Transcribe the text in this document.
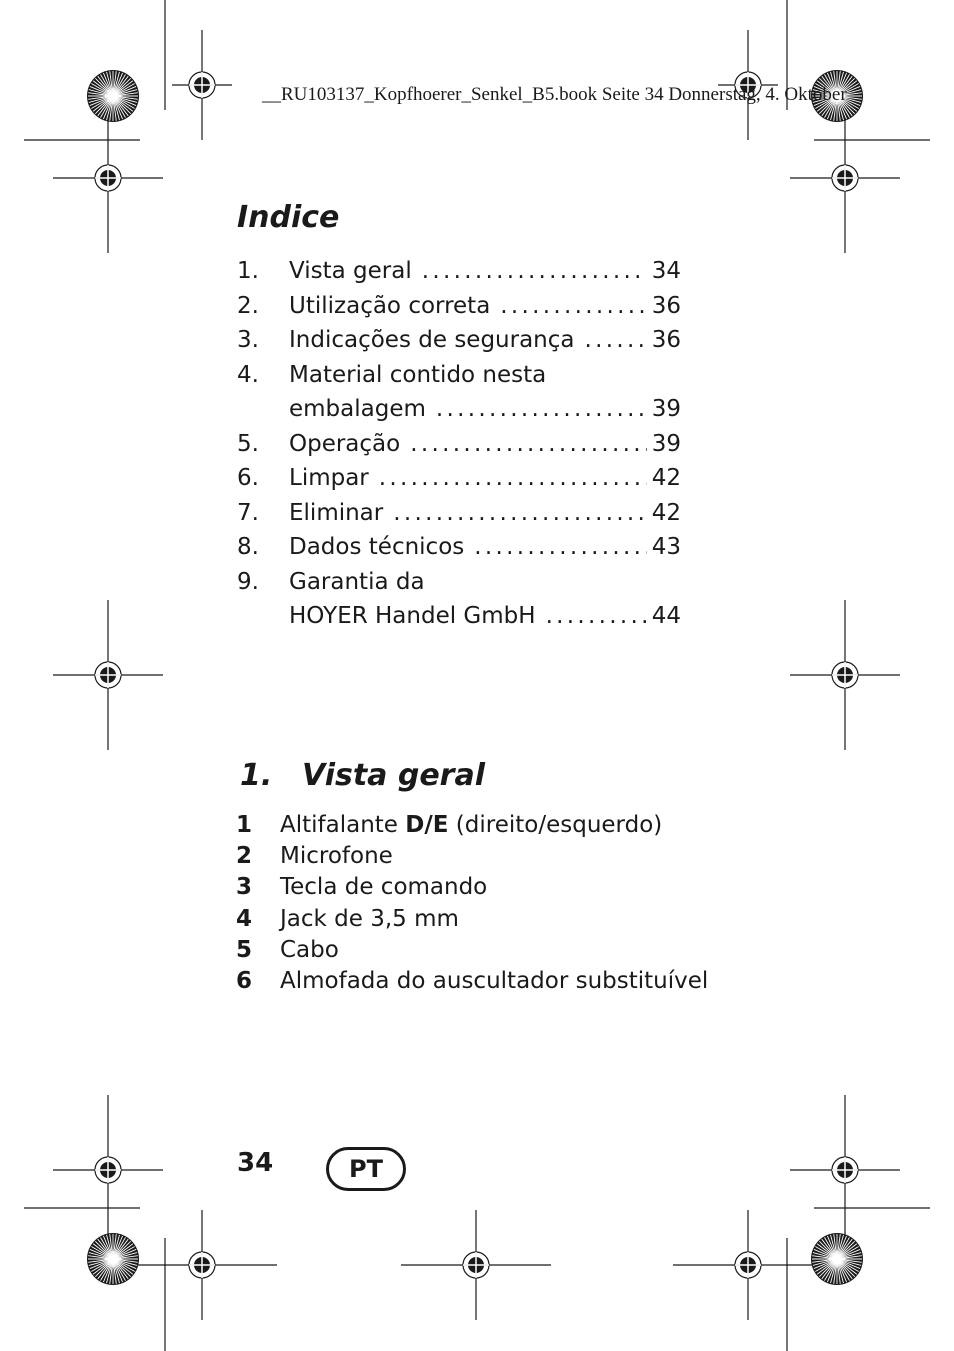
__RU103137_Kopfhoerer_Senkel_B5.book Seite 34 Donnerstag, 4. Oktober
Indice
1. Vista geral . . .	34
2. Utilização correta . . .	36
3. Indicações de segurança . . .	36
4. Material contido nesta
embalagem . . .	39
5. Operação . . .	39
6. Limpar . . .	42
7. Eliminar . . .	42
8. Dados técnicos . . .	43
9. Garantia da
HOYER Handel GmbH . . .	44
1. Vista geral
1 Altifalante D/E (direito/esquerdo)
2 Microfone
3 Tecla de comando
4 Jack de 3,5 mm
5 Cabo
6 Almofada do auscultador substituível
34	PT
